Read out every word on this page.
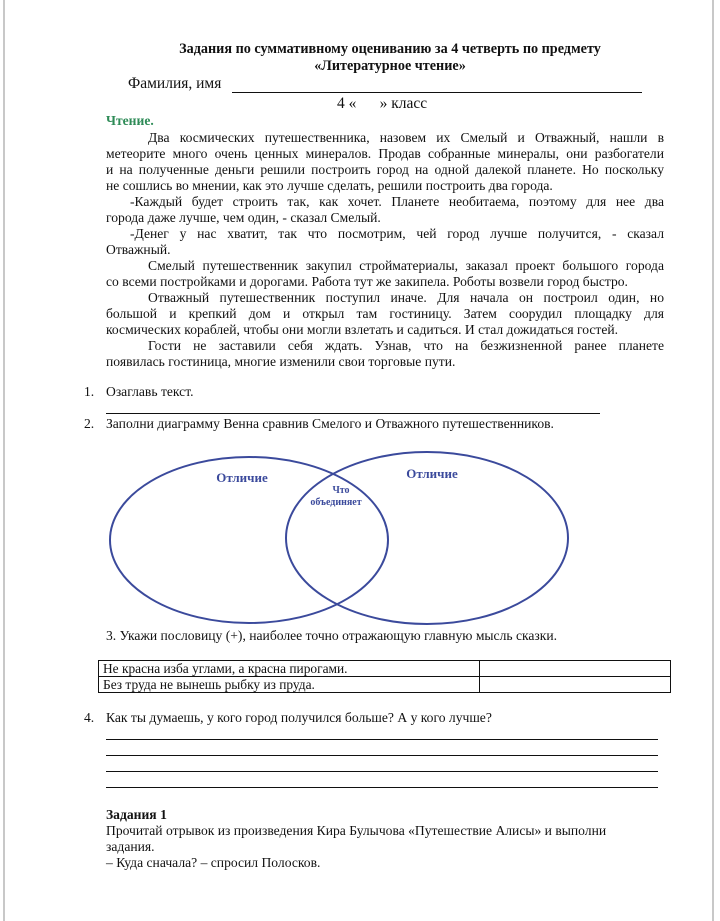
Задания по суммативному оцениванию за 4 четверть по предмету
«Литературное чтение»
Фамилия, имя
4 «      » класс
Чтение.
Два космических путешественника, назовем их Смелый и Отважный, нашли в
метеорите много очень ценных минералов. Продав собранные минералы, они разбогатели
и на полученные деньги решили построить город на одной далекой планете. Но поскольку
не сошлись во мнении, как это лучше сделать, решили построить два города.
-Каждый будет строить так, как хочет. Планете необитаема, поэтому для нее два
города даже лучше, чем один, - сказал Смелый.
-Денег у нас хватит, так что посмотрим, чей город лучше получится, - сказал
Отважный.
Смелый путешественник закупил стройматериалы, заказал проект большого города
со всеми постройками и дорогами. Работа тут же закипела. Роботы возвели город быстро.
Отважный путешественник поступил иначе. Для начала он построил один, но
большой и крепкий дом и открыл там гостиницу. Затем соорудил площадку для
космических кораблей, чтобы они могли взлетать и садиться. И стал дожидаться гостей.
Гости не заставили себя ждать. Узнав, что на безжизненной ранее планете
появилась гостиница, многие изменили свои торговые пути.
1. Озаглавь текст.
2. Заполни диаграмму Венна сравнив Смелого и Отважного путешественников.
Отличие	Отличие
Что
объединяет
3. Укажи пословицу (+), наиболее точно отражающую главную мысль сказки.
Не красна изба углами, а красна пирогами.	
Без труда не вынешь рыбку из пруда.	
4. Как ты думаешь, у кого город получился больше? А у кого лучше?
Задания 1
Прочитай отрывок из произведения Кира Булычова «Путешествие Алисы» и выполни
задания.
– Куда сначала? – спросил Полосков.
